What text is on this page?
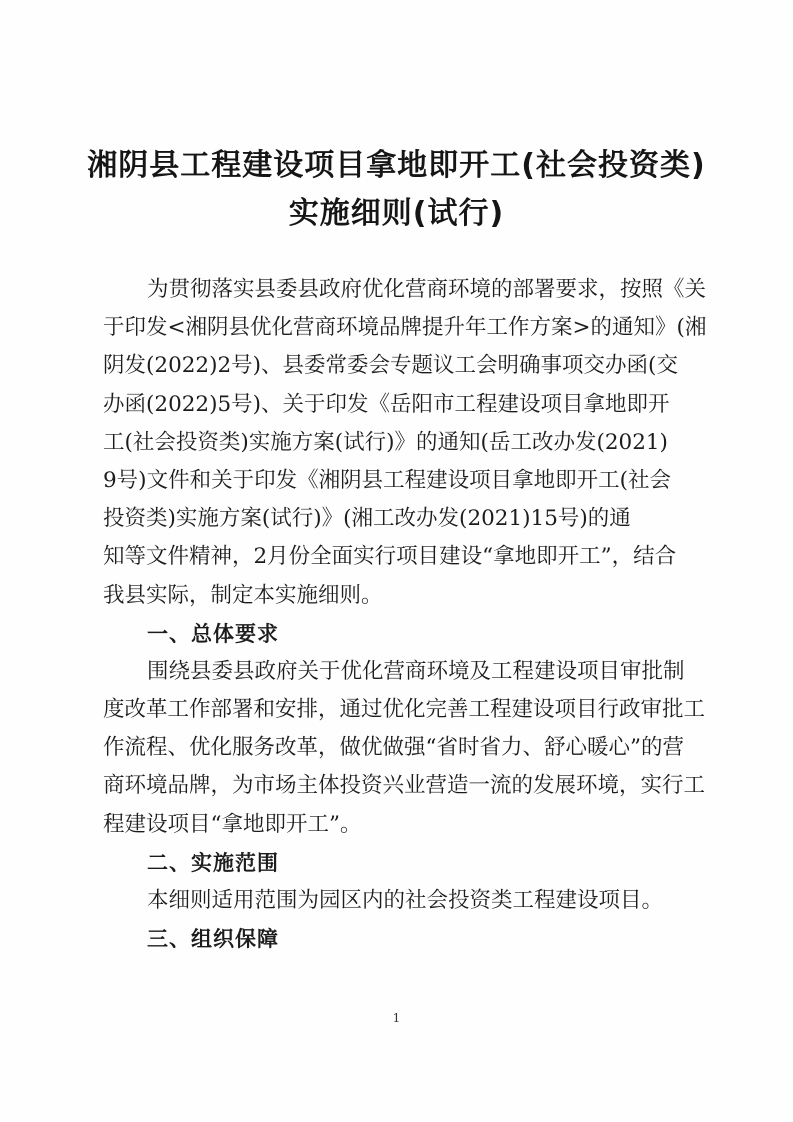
湘阴县工程建设项目拿地即开工(社会投资类)
实施细则(试行)
为贯彻落实县委县政府优化营商环境的部署要求，按照《关
于印发<湘阴县优化营商环境品牌提升年工作方案>的通知》(湘
阴发(2022)2号)、县委常委会专题议工会明确事项交办函(交
办函(2022)5号)、关于印发《岳阳市工程建设项目拿地即开
工(社会投资类)实施方案(试行)》的通知(岳工改办发(2021)
9号)文件和关于印发《湘阴县工程建设项目拿地即开工(社会
投资类)实施方案(试行)》(湘工改办发(2021)15号)的通
知等文件精神，2月份全面实行项目建设“拿地即开工”，结合
我县实际，制定本实施细则。
一、总体要求
围绕县委县政府关于优化营商环境及工程建设项目审批制
度改革工作部署和安排，通过优化完善工程建设项目行政审批工
作流程、优化服务改革，做优做强“省时省力、舒心暖心”的营
商环境品牌，为市场主体投资兴业营造一流的发展环境，实行工
程建设项目“拿地即开工”。
二、实施范围
本细则适用范围为园区内的社会投资类工程建设项目。
三、组织保障
1
